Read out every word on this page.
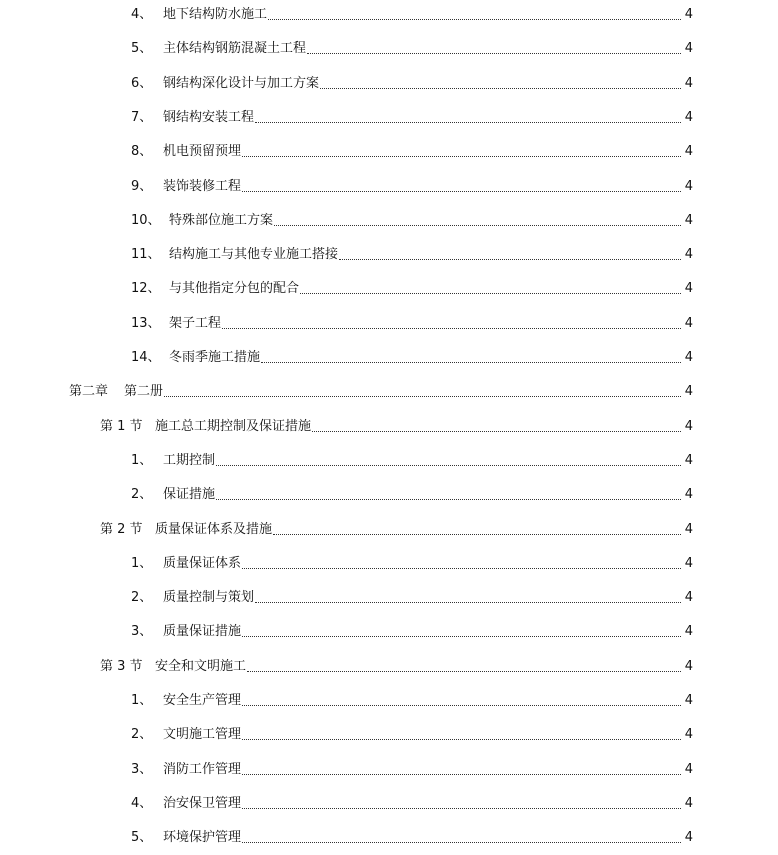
4、 地下结构防水施工	4
5、 主体结构钢筋混凝土工程	4
6、 钢结构深化设计与加工方案	4
7、 钢结构安装工程	4
8、 机电预留预埋	4
9、 装饰装修工程	4
10、 特殊部位施工方案	4
11、 结构施工与其他专业施工搭接	4
12、 与其他指定分包的配合	4
13、 架子工程	4
14、 冬雨季施工措施	4
第二章	第二册	4
第 1 节 施工总工期控制及保证措施	4
1、 工期控制	4
2、 保证措施	4
第 2 节 质量保证体系及措施	4
1、 质量保证体系	4
2、 质量控制与策划	4
3、 质量保证措施	4
第 3 节 安全和文明施工	4
1、 安全生产管理	4
2、 文明施工管理	4
3、 消防工作管理	4
4、 治安保卫管理	4
5、 环境保护管理	4
